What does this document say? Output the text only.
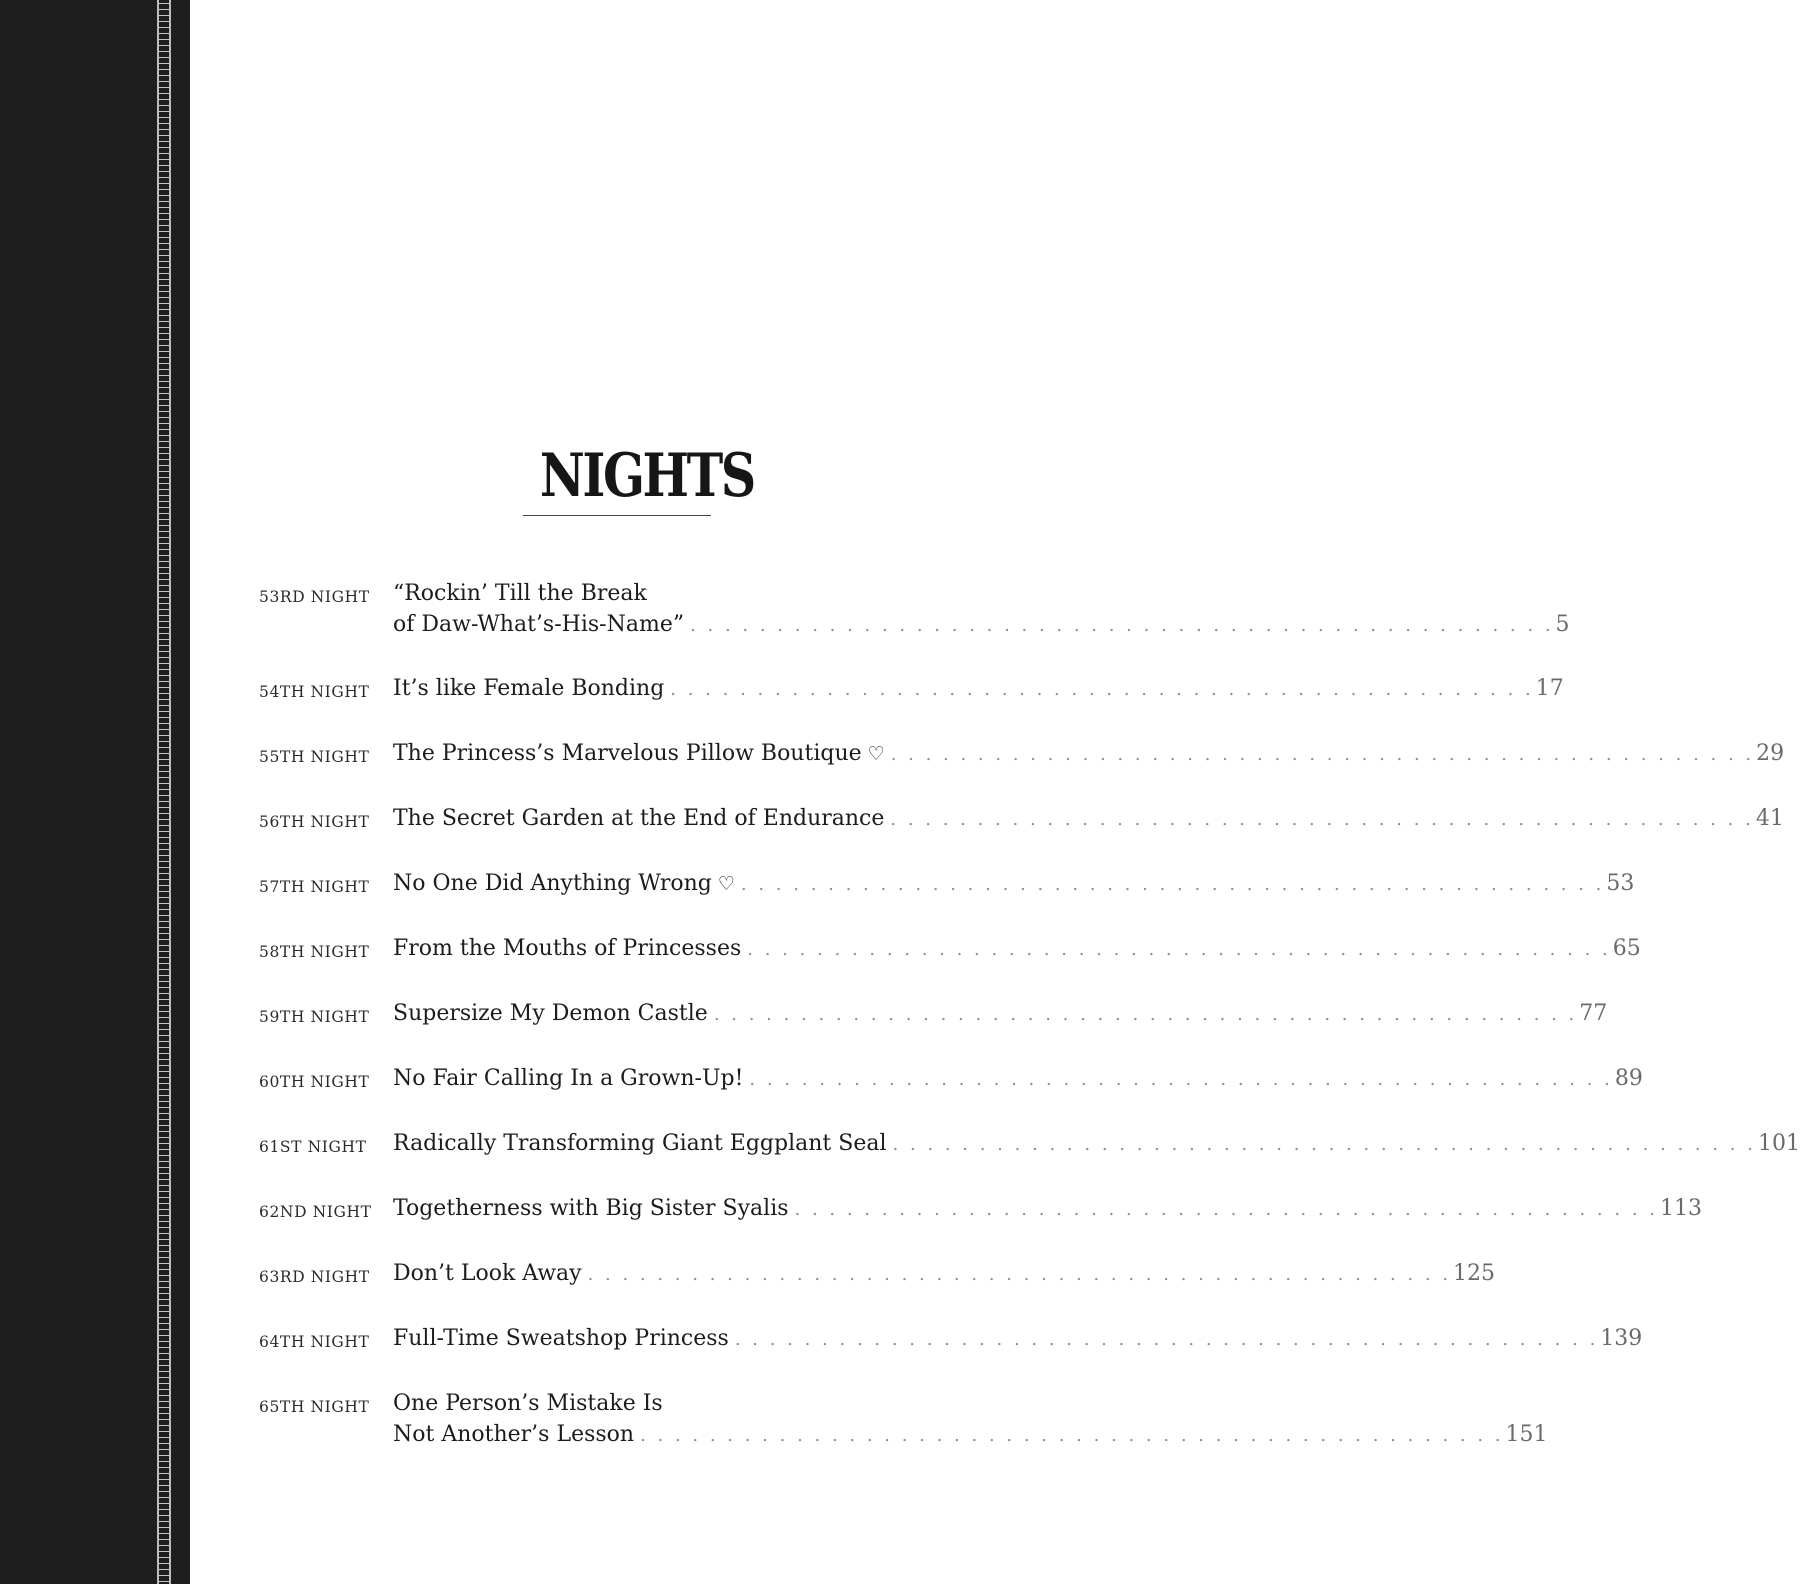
NIGHTS
53RD NIGHT “Rockin’ Till the Break
of Daw-What’s-His-Name” . . . . . . . . . . . . . . . . . . . . . . . . . . . . . . . . . . . . . . . . . . . . . . . . . . 5
54TH NIGHT It’s like Female Bonding . . . . . . . . . . . . . . . . . . . . . . . . . . . . . . . . . . . . . . . . . . . . . . . . . . 17
55TH NIGHT The Princess’s Marvelous Pillow Boutique ♡ . . . . . . . . . . . . . . . . . . . . . . . . . . . . . . . . . . . . . . . . . . . . . . . . . . 29
56TH NIGHT The Secret Garden at the End of Endurance . . . . . . . . . . . . . . . . . . . . . . . . . . . . . . . . . . . . . . . . . . . . . . . . . . 41
57TH NIGHT No One Did Anything Wrong ♡ . . . . . . . . . . . . . . . . . . . . . . . . . . . . . . . . . . . . . . . . . . . . . . . . . . 53
58TH NIGHT From the Mouths of Princesses . . . . . . . . . . . . . . . . . . . . . . . . . . . . . . . . . . . . . . . . . . . . . . . . . . 65
59TH NIGHT Supersize My Demon Castle . . . . . . . . . . . . . . . . . . . . . . . . . . . . . . . . . . . . . . . . . . . . . . . . . . 77
60TH NIGHT No Fair Calling In a Grown-Up! . . . . . . . . . . . . . . . . . . . . . . . . . . . . . . . . . . . . . . . . . . . . . . . . . . 89
61ST NIGHT Radically Transforming Giant Eggplant Seal . . . . . . . . . . . . . . . . . . . . . . . . . . . . . . . . . . . . . . . . . . . . . . . . . . 101
62ND NIGHT Togetherness with Big Sister Syalis . . . . . . . . . . . . . . . . . . . . . . . . . . . . . . . . . . . . . . . . . . . . . . . . . . 113
63RD NIGHT Don’t Look Away . . . . . . . . . . . . . . . . . . . . . . . . . . . . . . . . . . . . . . . . . . . . . . . . . . 125
64TH NIGHT Full-Time Sweatshop Princess . . . . . . . . . . . . . . . . . . . . . . . . . . . . . . . . . . . . . . . . . . . . . . . . . . 139
65TH NIGHT One Person’s Mistake Is
Not Another’s Lesson . . . . . . . . . . . . . . . . . . . . . . . . . . . . . . . . . . . . . . . . . . . . . . . . . . 151
